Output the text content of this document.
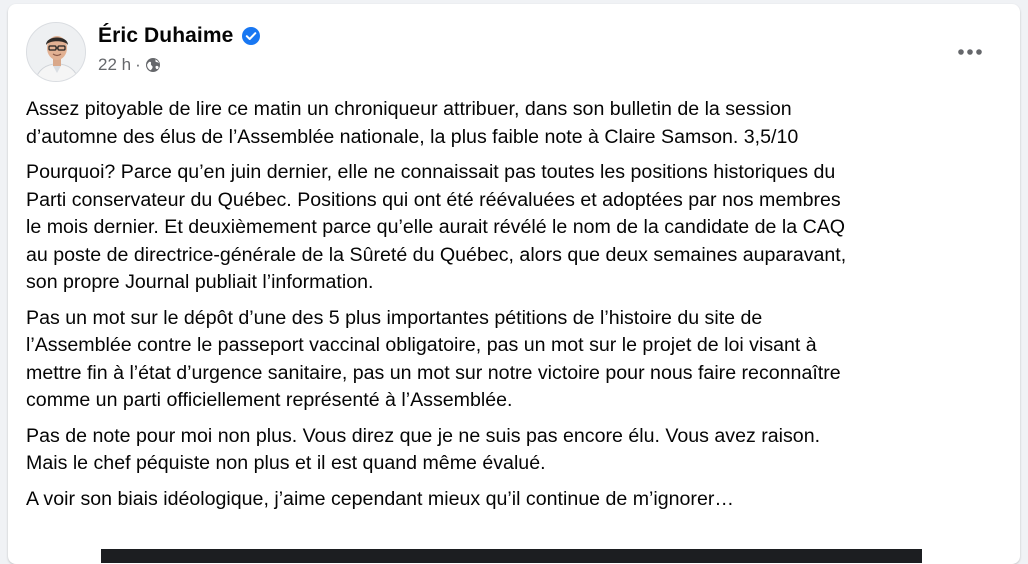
Éric Duhaime
22 h ·

Assez pitoyable de lire ce matin un chroniqueur attribuer, dans son bulletin de la session
d’automne des élus de l’Assemblée nationale, la plus faible note à Claire Samson. 3,5/10

Pourquoi? Parce qu’en juin dernier, elle ne connaissait pas toutes les positions historiques du
Parti conservateur du Québec. Positions qui ont été réévaluées et adoptées par nos membres
le mois dernier. Et deuxièmement parce qu’elle aurait révélé le nom de la candidate de la CAQ
au poste de directrice-générale de la Sûreté du Québec, alors que deux semaines auparavant,
son propre Journal publiait l’information.

Pas un mot sur le dépôt d’une des 5 plus importantes pétitions de l’histoire du site de
l’Assemblée contre le passeport vaccinal obligatoire, pas un mot sur le projet de loi visant à
mettre fin à l’état d’urgence sanitaire, pas un mot sur notre victoire pour nous faire reconnaître
comme un parti officiellement représenté à l’Assemblée.

Pas de note pour moi non plus. Vous direz que je ne suis pas encore élu. Vous avez raison.
Mais le chef péquiste non plus et il est quand même évalué.

A voir son biais idéologique, j’aime cependant mieux qu’il continue de m’ignorer…
